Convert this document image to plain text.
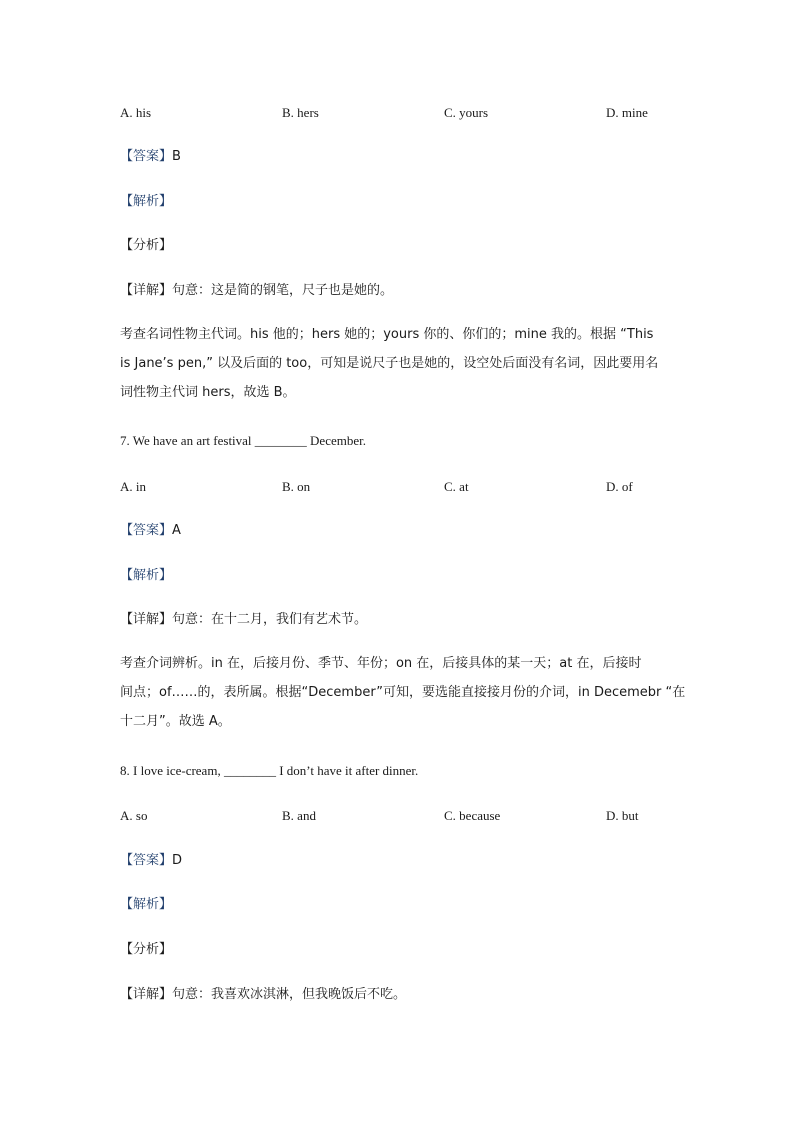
A. his	B. hers	C. yours	D. mine
【答案】B
【解析】
【分析】
【详解】句意：这是简的钢笔，尺子也是她的。
考查名词性物主代词。his 他的；hers 她的；yours 你的、你们的；mine 我的。根据 “This
is Jane’s pen,” 以及后面的 too，可知是说尺子也是她的，设空处后面没有名词，因此要用名
词性物主代词 hers，故选 B。
7. We have an art festival ________ December.
A. in	B. on	C. at	D. of
【答案】A
【解析】
【详解】句意：在十二月，我们有艺术节。
考查介词辨析。in 在，后接月份、季节、年份；on 在，后接具体的某一天；at 在，后接时
间点；of……的，表所属。根据“December”可知，要选能直接接月份的介词，in Decemebr “在
十二月”。故选 A。
8. I love ice-cream, ________ I don’t have it after dinner.
A. so	B. and	C. because	D. but
【答案】D
【解析】
【分析】
【详解】句意：我喜欢冰淇淋，但我晚饭后不吃。
